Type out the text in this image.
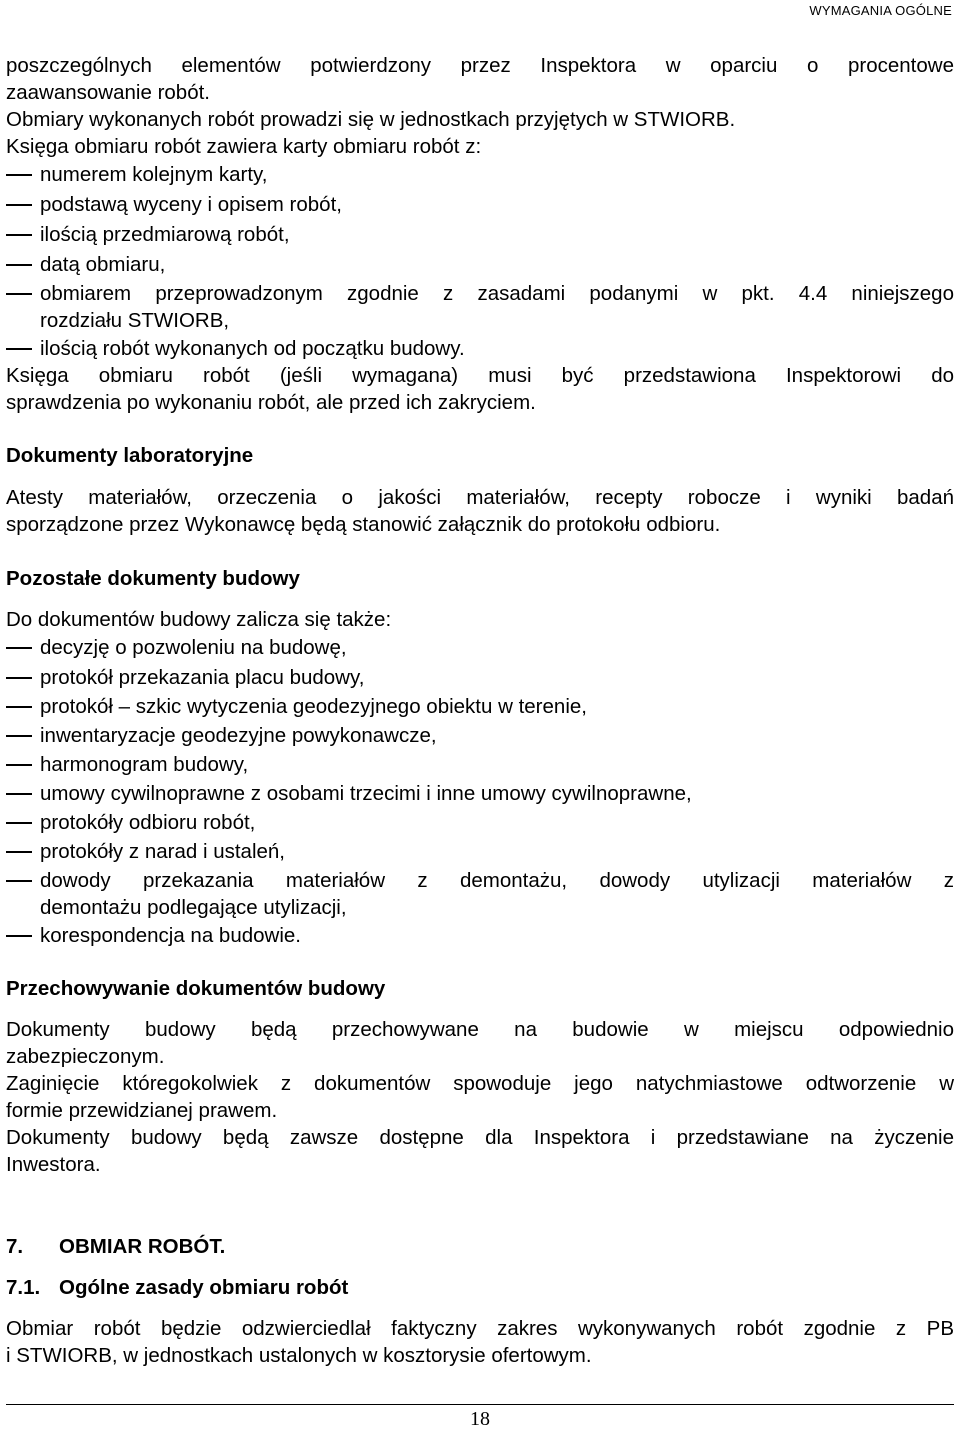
WYMAGANIA OGÓLNE
poszczególnych elementów potwierdzony przez Inspektora w oparciu o procentowe
zaawansowanie robót.
Obmiary wykonanych robót prowadzi się w jednostkach przyjętych w STWIORB.
Księga obmiaru robót zawiera karty obmiaru robót z:
numerem kolejnym karty,
podstawą wyceny i opisem robót,
ilością przedmiarową robót,
datą obmiaru,
obmiarem przeprowadzonym zgodnie z zasadami podanymi w pkt. 4.4 niniejszego
rozdziału STWIORB,
ilością robót wykonanych od początku budowy.
Księga obmiaru robót (jeśli wymagana) musi być przedstawiona Inspektorowi do
sprawdzenia po wykonaniu robót, ale przed ich zakryciem.
Dokumenty laboratoryjne
Atesty materiałów, orzeczenia o jakości materiałów, recepty robocze i wyniki badań
sporządzone przez Wykonawcę będą stanowić załącznik do protokołu odbioru.
Pozostałe dokumenty budowy
Do dokumentów budowy zalicza się także:
decyzję o pozwoleniu na budowę,
protokół przekazania placu budowy,
protokół – szkic wytyczenia geodezyjnego obiektu w terenie,
inwentaryzacje geodezyjne powykonawcze,
harmonogram budowy,
umowy cywilnoprawne z osobami trzecimi i inne umowy cywilnoprawne,
protokóły odbioru robót,
protokóły z narad i ustaleń,
dowody przekazania materiałów z demontażu, dowody utylizacji materiałów z
demontażu podlegające utylizacji,
korespondencja na budowie.
Przechowywanie dokumentów budowy
Dokumenty budowy będą przechowywane na budowie w miejscu odpowiednio
zabezpieczonym.
Zaginięcie któregokolwiek z dokumentów spowoduje jego natychmiastowe odtworzenie w
formie przewidzianej prawem.
Dokumenty budowy będą zawsze dostępne dla Inspektora i przedstawiane na życzenie
Inwestora.
7. OBMIAR ROBÓT.
7.1. Ogólne zasady obmiaru robót
Obmiar robót będzie odzwierciedlał faktyczny zakres wykonywanych robót zgodnie z PB
i STWIORB, w jednostkach ustalonych w kosztorysie ofertowym.
18
